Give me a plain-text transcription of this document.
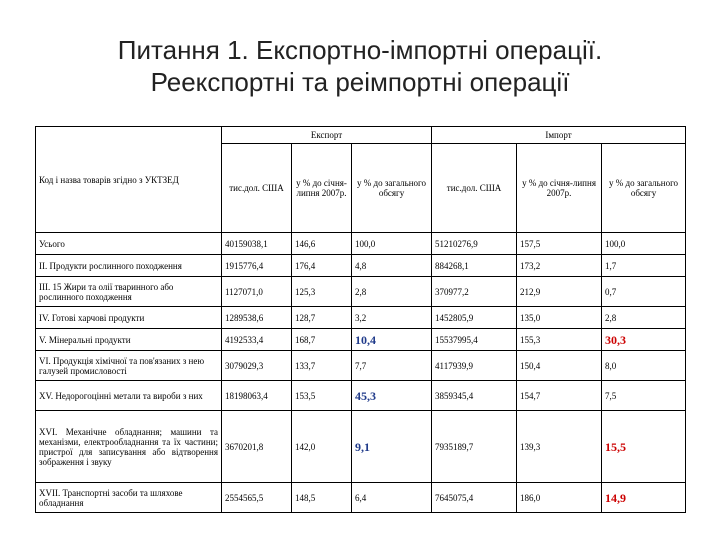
Питання 1. Експортно-імпортні операції.
Реекспортні та реімпортні операції
Код і назва товарів згідно з УКТЗЕД	Експорт			Імпорт		
	тис.дол. США	у % до січня-липня 2007р.	у % до загального обсягу	тис.дол. США	у % до січня-липня 2007р.	у % до загального обсягу
Усього	40159038,1	146,6	100,0	51210276,9	157,5	100,0
ІІ. Продукти рослинного походження	1915776,4	176,4	4,8	884268,1	173,2	1,7
ІІІ. 15 Жири та олії тваринного або рослинного походження	1127071,0	125,3	2,8	370977,2	212,9	0,7
IV. Готові харчові продукти	1289538,6	128,7	3,2	1452805,9	135,0	2,8
V. Мінеральні продукти	4192533,4	168,7	10,4	15537995,4	155,3	30,3
VI. Продукція хімічної та пов'язаних з нею галузей промисловості	3079029,3	133,7	7,7	4117939,9	150,4	8,0
XV. Недорогоцінні метали та вироби з них	18198063,4	153,5	45,3	3859345,4	154,7	7,5
XVI. Механічне обладнання; машини та механізми, електрообладнання та їх частини; пристрої для записування або відтворення зображення і звуку	3670201,8	142,0	9,1	7935189,7	139,3	15,5
XVII. Транспортні засоби та шляхове обладнання	2554565,5	148,5	6,4	7645075,4	186,0	14,9
